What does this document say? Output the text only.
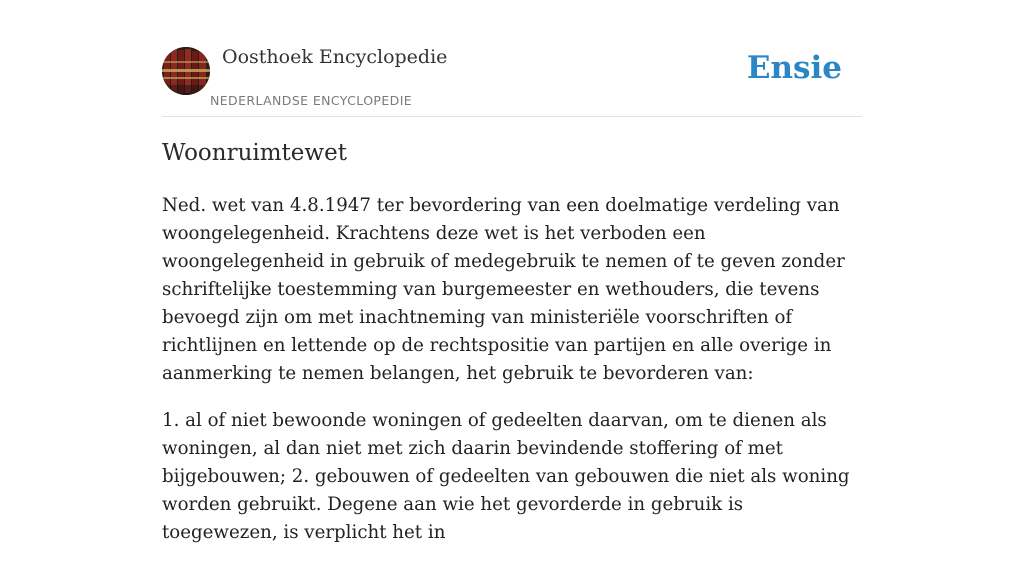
Oosthoek Encyclopedie
NEDERLANDSE ENCYCLOPEDIE
Ensie
Woonruimtewet

Ned. wet van 4.8.1947 ter bevordering van een doelmatige verdeling van woongelegenheid. Krachtens deze wet is het verboden een woongelegenheid in gebruik of medegebruik te nemen of te geven zonder schriftelijke toestemming van burgemeester en wethouders, die tevens bevoegd zijn om met inachtneming van ministeriële voorschriften of richtlijnen en lettende op de rechtspositie van partijen en alle overige in aanmerking te nemen belangen, het gebruik te bevorderen van:

1. al of niet bewoonde woningen of gedeelten daarvan, om te dienen als woningen, al dan niet met zich daarin bevindende stoffering of met bijgebouwen; 2. gebouwen of gedeelten van gebouwen die niet als woning worden gebruikt. Degene aan wie het gevorderde in gebruik is toegewezen, is verplicht het in
